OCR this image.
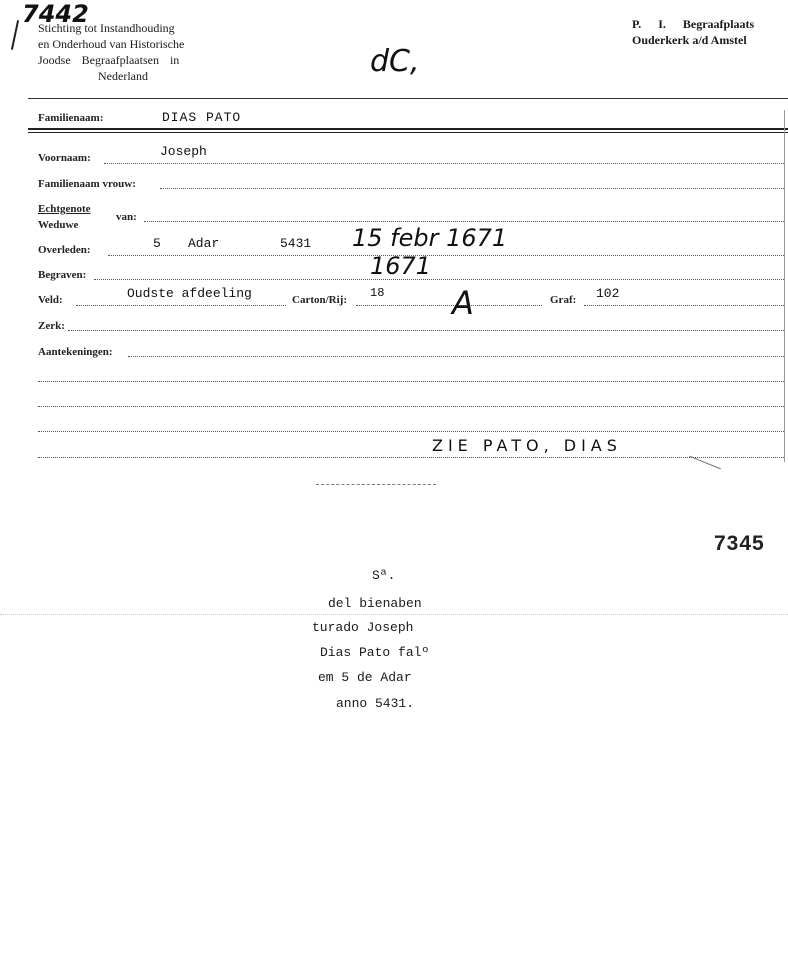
7442
Stichting tot Instandhouding
en Onderhoud van Historische
Joodse Begraafplaatsen in
Nederland
P. I. Begraafplaats
Ouderkerk a/d Amstel
dC,
Familienaam:	DIAS PATO
Voornaam:	Joseph
Familienaam vrouw:
Echtgenote
Weduwe
van:
Overleden:	5 Adar	5431 15 febr 1671
Begraven:	1671
Veld:	Oudste afdeeling	Carton/Rij: 18 A	Graf: 102
Zerk:
Aantekeningen:
ZIE PATO, DIAS
7345
Sª.
del bienaben
turado Joseph
Dias Pato falº
em 5 de Adar
anno 5431.
